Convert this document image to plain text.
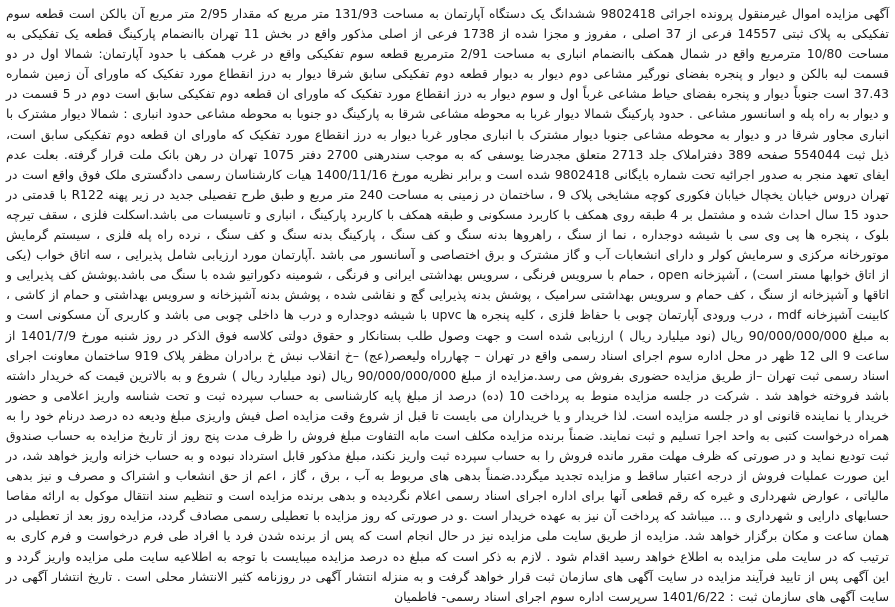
آگهی مزایده اموال غیرمنقول پرونده اجرائی 9802418 ششدانگ یک دستگاه آپارتمان به مساحت 131/93 متر مربع که مقدار 2/95 متر مربع آن بالکن است قطعه سوم تفکیکی به پلاک ثبتی 14557 فرعی از 37 اصلی ، مفروز و مجزا شده از 1738 فرعی از اصلی مذکور واقع در بخش 11 تهران باانضمام پارکینگ قطعه یک تفکیکی به مساحت 10/80 مترمربع واقع در شمال همکف باانضمام انباری به مساحت 2/91 مترمربع قطعه سوم تفکیکی واقع در غرب همکف با حدود آپارتمان: شمالا اول در دو قسمت لبه بالکن و دیوار و پنجره بفضای نورگیر مشاعی دوم دیوار به دیوار قطعه دوم تفکیکی سابق شرقا دیوار به درز انقطاع مورد تفکیک که ماورای آن زمین شماره 37.43 است جنوباً دیوار و پنجره بفضای حیاط مشاعی غرباً اول و سوم دیوار به درز انقطاع مورد تفکیک که ماورای ان قطعه دوم تفکیکی سابق است دوم در 5 قسمت در و دیوار به راه پله و اسانسور مشاعی . حدود پارکینگ شمالا دیوار غربا به محوطه مشاعی شرقا به پارکینگ دو جنوبا به محوطه مشاعی حدود انباری : شمالا دیوار مشترک با انباری مجاور شرقا در و دیوار به محوطه مشاعی جنوبا دیوار مشترک با انباری مجاور غربا دیوار به درز انقطاع مورد تفکیک که ماورای ان قطعه دوم تفکیکی سابق است، ذیل ثبت 554044 صفحه 389 دفتراملاک جلد 2713 متعلق مجدرضا یوسفی که به موجب سندرهنی 2700 دفتر 1075 تهران در رهن بانک ملت قرار گرفته. بعلت عدم ایفای تعهد منجر به صدور اجرائیه تحت شماره بایگانی 9802418 شده است و برابر نظریه مورخ 1400/11/16 هیات کارشناسان رسمی دادگستری ملک فوق واقع است در تهران دروس خیابان یخچال خیابان فکوری کوچه مشایخی پلاک 9 ، ساختمان در زمینی به مساحت 240 متر مربع و طبق طرح تفصیلی جدید در زیر پهنه R122 با قدمتی در حدود 15 سال احداث شده و مشتمل بر 4 طبقه روی همکف با کاربرد مسکونی و طبقه همکف با کاربرد پارکینگ ، انباری و تاسیسات می باشد.اسکلت فلزی ، سقف تیرچه بلوک ، پنجره ها پی وی سی با شیشه دوجداره ، نما از سنگ ، راهروها بدنه سنگ و کف سنگ ، پارکینگ بدنه سنگ و کف سنگ ، نرده راه پله فلزی ، سیستم گرمایش موتورخانه مرکزی و سرمایش کولر و دارای انشعابات آب و گاز مشترک و برق اختصاصی و آسانسور می باشد .آپارتمان مورد ارزیابی شامل پذیرایی ، سه اتاق خواب (یکی از اتاق خوابها مستر است) ، آشپزخانه open ، حمام با سرویس فرنگی ، سرویس بهداشتی ایرانی و فرنگی ، شومینه دکوراتیو شده با سنگ می باشد.پوشش کف پذیرایی و اتاقها و آشپزخانه از سنگ ، کف حمام و سرویس بهداشتی سرامیک ، پوشش بدنه پذیرایی گچ و نقاشی شده ، پوشش بدنه آشپزخانه و سرویس بهداشتی و حمام از کاشی ، کابینت آشپزخانه mdf ، درب ورودی آپارتمان چوبی با حفاظ فلزی ، کلیه پنجره ها upvc با شیشه دوجداره و درب ها داخلی چوبی می باشد و کاربری آن مسکونی است و به مبلغ 90/000/000/000 ریال (نود میلیارد ریال ) ارزیابی شده است و جهت وصول طلب بستانکار و حقوق دولتی کلاسه فوق الذکر در روز شنبه مورخ 1401/7/9 از ساعت 9 الی 12 ظهر در محل اداره سوم اجرای اسناد رسمی واقع در تهران – چهارراه ولیعصر(عج) –خ انقلاب نبش خ برادران مظفر پلاک 919 ساختمان معاونت اجرای اسناد رسمی ثبت تهران –از طریق مزایده حضوری بفروش می رسد.مزایده از مبلغ 90/000/000/000 ریال (نود میلیارد ریال ) شروع و به بالاترین قیمت که خریدار داشته باشد فروخته خواهد شد . شرکت در جلسه مزایده منوط به پرداخت 10 (ده) درصد از مبلغ پایه کارشناسی به حساب سپرده ثبت و تحت شناسه واریز اعلامی و حضور خریدار یا نماینده قانونی او در جلسه مزایده است. لذا خریدار و یا خریداران می بایست تا قبل از شروع وقت مزایده اصل فیش واریزی مبلغ ودیعه ده درصد درنام خود را به همراه درخواست کتبی به واحد اجرا تسلیم و ثبت نمایند. ضمناً برنده مزایده مکلف است مابه التفاوت مبلغ فروش را ظرف مدت پنج روز از تاریخ مزایده به حساب صندوق ثبت تودیع نماید و در صورتی که ظرف مهلت مقرر مانده فروش را به حساب سپرده ثبت واریز نکند، مبلغ مذکور قابل استرداد نبوده و به حساب خزانه واریز خواهد شد، در این صورت عملیات فروش از درجه اعتبار ساقط و مزایده تجدید میگردد.ضمناً بدهی های مربوط به آب ، برق ، گاز ، اعم از حق انشعاب و اشتراک و مصرف و نیز بدهی مالیاتی ، عوارض شهرداری و غیره که رقم قطعی آنها برای اداره اجرای اسناد رسمی اعلام نگردیده و بدهی برنده مزایده است و تنظیم سند انتقال موکول به ارائه مفاصا حسابهای دارایی و شهرداری و ... میباشد که پرداخت آن نیز به عهده خریدار است .و در صورتی که روز مزایده با تعطیلی رسمی مصادف گردد، مزایده روز بعد از تعطیلی در همان ساعت و مکان برگزار خواهد شد. مزایده از طریق سایت ملی مزایده نیز در حال انجام است که پس از برنده شدن فرد یا افراد طی فرم درخواست و فرم کاری به ترتیب که در سایت ملی مزایده به اطلاع خواهد رسید اقدام شود . لازم به ذکر است که مبلغ ده درصد مزایده میبایست با توجه به اطلاعیه سایت ملی مزایده واریز گردد و این آگهی پس از تایید فرآیند مزایده در سایت آگهی های سازمان ثبت قرار خواهد گرفت و به منزله انتشار آگهی در روزنامه کثیر الانتشار محلی است . تاریخ انتشار آگهی در سایت آگهی های سازمان ثبت : 1401/6/22 سرپرست اداره سوم اجرای اسناد رسمی- فاطمیان
